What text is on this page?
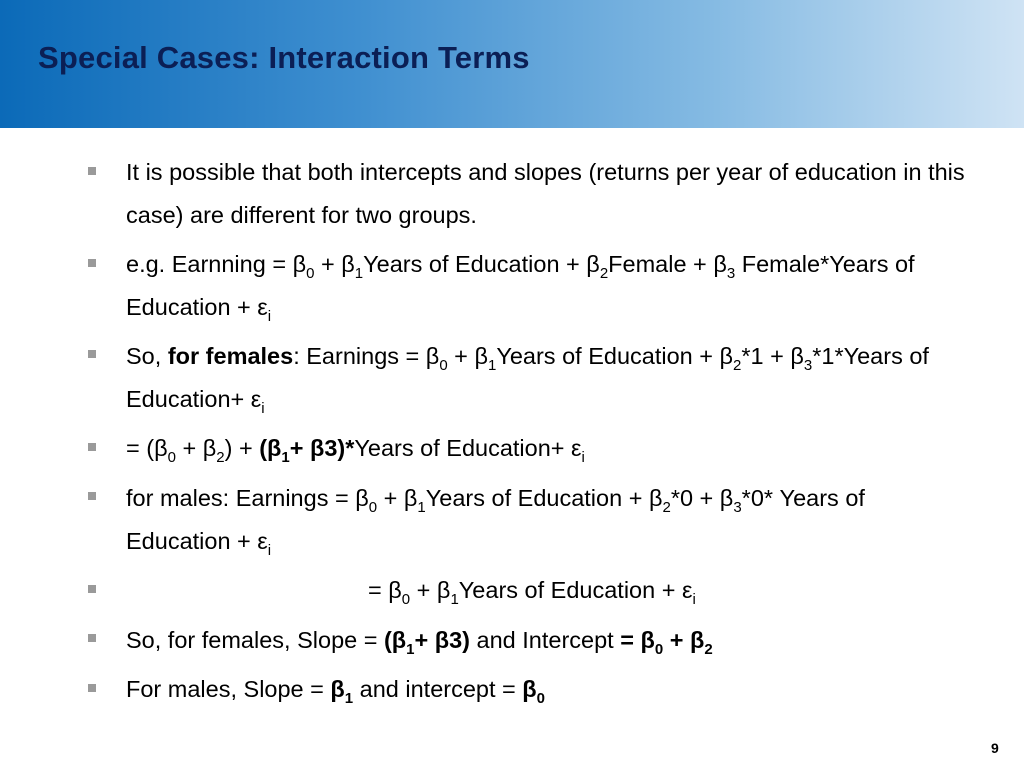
Special Cases: Interaction Terms
It is possible that both intercepts and slopes (returns per year of education in this case) are different for two groups.
e.g. Earnning = $\beta_0$ + $\beta_1Years$ of Education + $\beta_2Female + \beta_3$ Female*Years of Education + $\varepsilon_i$
So, for females: Earnings = $\beta_0$ + $\beta_1Years$ of Education + $\beta_2*1$ + $\beta_3*1*Years$ of Education+ $\varepsilon_i$
= $(\beta_0 + \beta_2) + (\beta_1+$ β3)*Years of Education+ $\varepsilon_i$
for males: Earnings = $\beta_0$ + $\beta_1Years$ of Education + $\beta_2*0 + \beta_3*0*$ Years of Education + $\varepsilon_i$
= $\beta_0$ + $\beta_1Years$ of Education + $\varepsilon_i$
So, for females, Slope = $(\beta_1+ \beta 3)$ and Intercept = $\beta_0 + \beta_2$
For males, Slope = $\beta_1$ and intercept = $\beta_0$
9
